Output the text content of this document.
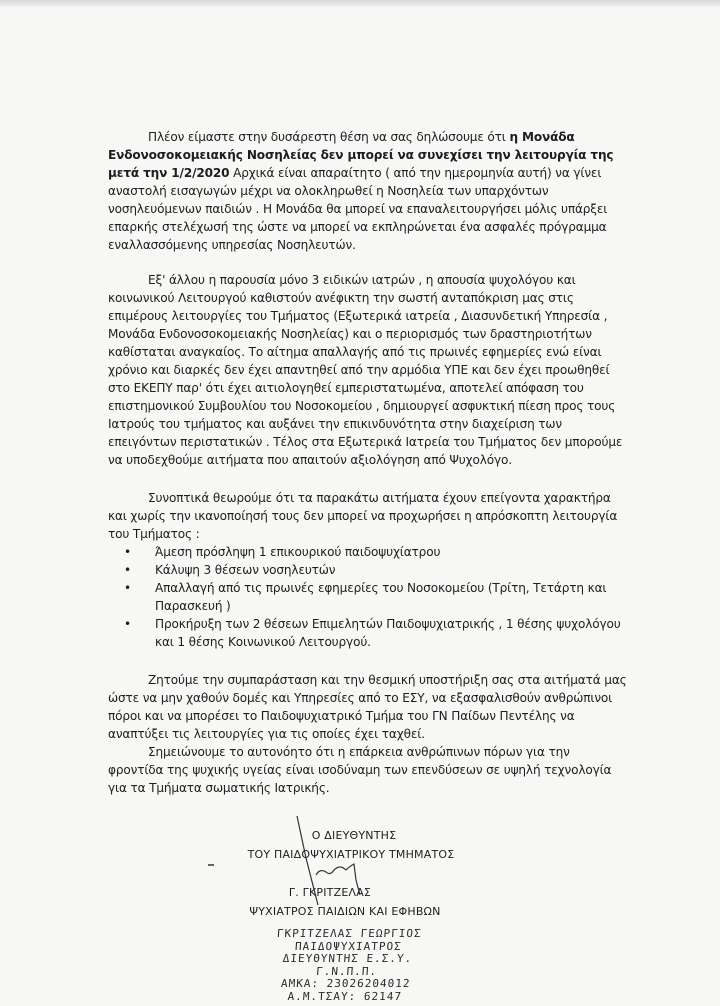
Πλέον είμαστε στην δυσάρεστη θέση να σας δηλώσουμε ότι η Μονάδα Ενδονοσοκομειακής Νοσηλείας δεν μπορεί να συνεχίσει την λειτουργία της μετά την 1/2/2020 Αρχικά είναι απαραίτητο ( από την ημερομηνία αυτή) να γίνει αναστολή εισαγωγών μέχρι να ολοκληρωθεί η Νοσηλεία των υπαρχόντων νοσηλευόμενων παιδιών . Η Μονάδα θα μπορεί να επαναλειτουργήσει μόλις υπάρξει επαρκής στελέχωσή της ώστε να μπορεί να εκπληρώνεται ένα ασφαλές πρόγραμμα εναλλασσόμενης υπηρεσίας Νοσηλευτών.

Εξ' άλλου η παρουσία μόνο 3 ειδικών ιατρών , η απουσία ψυχολόγου και κοινωνικού Λειτουργού καθιστούν ανέφικτη την σωστή ανταπόκριση μας στις επιμέρους λειτουργίες του Τμήματος (Εξωτερικά ιατρεία , Διασυνδετική Υπηρεσία , Μονάδα Ενδονοσοκομειακής Νοσηλείας) και ο περιορισμός των δραστηριοτήτων καθίσταται αναγκαίος. Το αίτημα απαλλαγής από τις πρωινές εφημερίες ενώ είναι χρόνιο και διαρκές δεν έχει απαντηθεί από την αρμόδια ΥΠΕ και δεν έχει προωθηθεί στο ΕΚΕΠΥ παρ' ότι έχει αιτιολογηθεί εμπεριστατωμένα, αποτελεί απόφαση του επιστημονικού Συμβουλίου του Νοσοκομείου , δημιουργεί ασφυκτική πίεση προς τους Ιατρούς του τμήματος και αυξάνει την επικινδυνότητα στην διαχείριση των επειγόντων περιστατικών . Τέλος στα Εξωτερικά Ιατρεία του Τμήματος δεν μπορούμε να υποδεχθούμε αιτήματα που απαιτούν αξιολόγηση από Ψυχολόγο.

Συνοπτικά θεωρούμε ότι τα παρακάτω αιτήματα έχουν επείγοντα χαρακτήρα και χωρίς την ικανοποίησή τους δεν μπορεί να προχωρήσει η απρόσκοπτη λειτουργία του Τμήματος :

• Άμεση πρόσληψη 1 επικουρικού παιδοψυχίατρου
• Κάλυψη 3 θέσεων νοσηλευτών
• Απαλλαγή από τις πρωινές εφημερίες του Νοσοκομείου (Τρίτη, Τετάρτη και Παρασκευή )
• Προκήρυξη των 2 θέσεων Επιμελητών Παιδοψυχιατρικής , 1 θέσης ψυχολόγου και 1 θέσης Κοινωνικού Λειτουργού.

Ζητούμε την συμπαράσταση και την θεσμική υποστήριξη σας στα αιτήματά μας ώστε να μην χαθούν δομές και Υπηρεσίες από το ΕΣΥ, να εξασφαλισθούν ανθρώπινοι πόροι και να μπορέσει το Παιδοψυχιατρικό Τμήμα του ΓΝ Παίδων Πεντέλης να αναπτύξει τις λειτουργίες για τις οποίες έχει ταχθεί.

Σημειώνουμε το αυτονόητο ότι η επάρκεια ανθρώπινων πόρων για την φροντίδα της ψυχικής υγείας είναι ισοδύναμη των επενδύσεων σε υψηλή τεχνολογία για τα Τμήματα σωματικής Ιατρικής.

Ο ΔΙΕΥΘΥΝΤΗΣ
ΤΟΥ ΠΑΙΔΟΨΥΧΙΑΤΡΙΚΟΥ ΤΜΗΜΑΤΟΣ
Γ. ΓΚΡΙΤΖΕΛΑΣ
ΨΥΧΙΑΤΡΟΣ ΠΑΙΔΙΩΝ ΚΑΙ ΕΦΗΒΩΝ
ΓΚΡΙΤΖΕΛΑΣ ΓΕΩΡΓΙΟΣ
ΠΑΙΔΟΨΥΧΙΑΤΡΟΣ
ΔΙΕΥΘΥΝΤΗΣ Ε.Σ.Υ.
Γ.Ν.Π.Π.
ΑΜΚΑ: 23026204012
Α.Μ.ΤΣΑΥ: 62147
